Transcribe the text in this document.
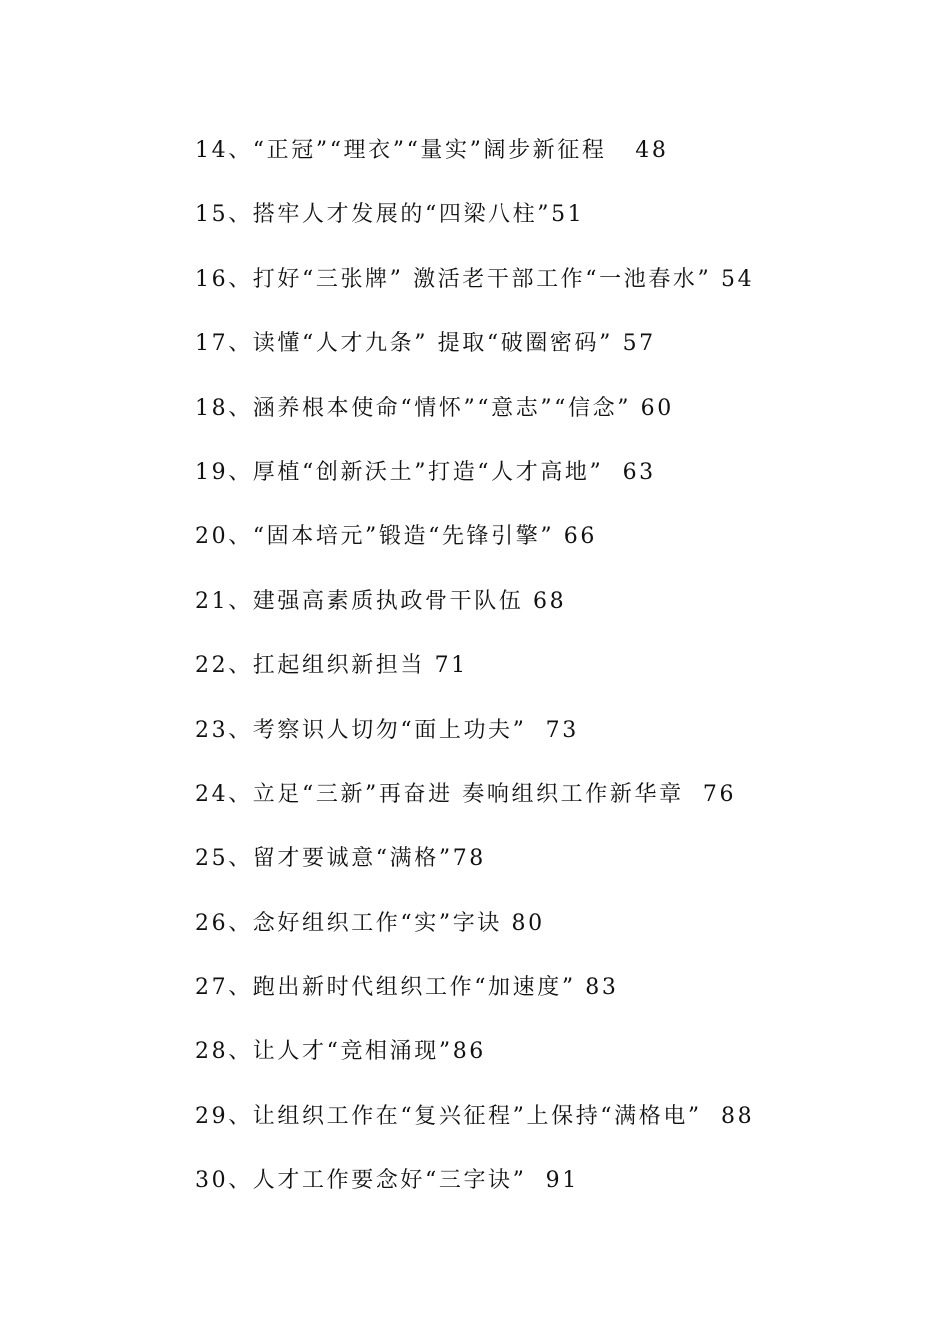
14、“正冠”“理衣”“量实”阔步新征程   48
15、搭牢人才发展的“四梁八柱”51
16、打好“三张牌” 激活老干部工作“一池春水” 54
17、读懂“人才九条” 提取“破圈密码” 57
18、涵养根本使命“情怀”“意志”“信念” 60
19、厚植“创新沃土”打造“人才高地”  63
20、“固本培元”锻造“先锋引擎” 66
21、建强高素质执政骨干队伍 68
22、扛起组织新担当 71
23、考察识人切勿“面上功夫”  73
24、立足“三新”再奋进 奏响组织工作新华章  76
25、留才要诚意“满格”78
26、念好组织工作“实”字诀 80
27、跑出新时代组织工作“加速度” 83
28、让人才“竞相涌现”86
29、让组织工作在“复兴征程”上保持“满格电”  88
30、人才工作要念好“三字诀”  91
